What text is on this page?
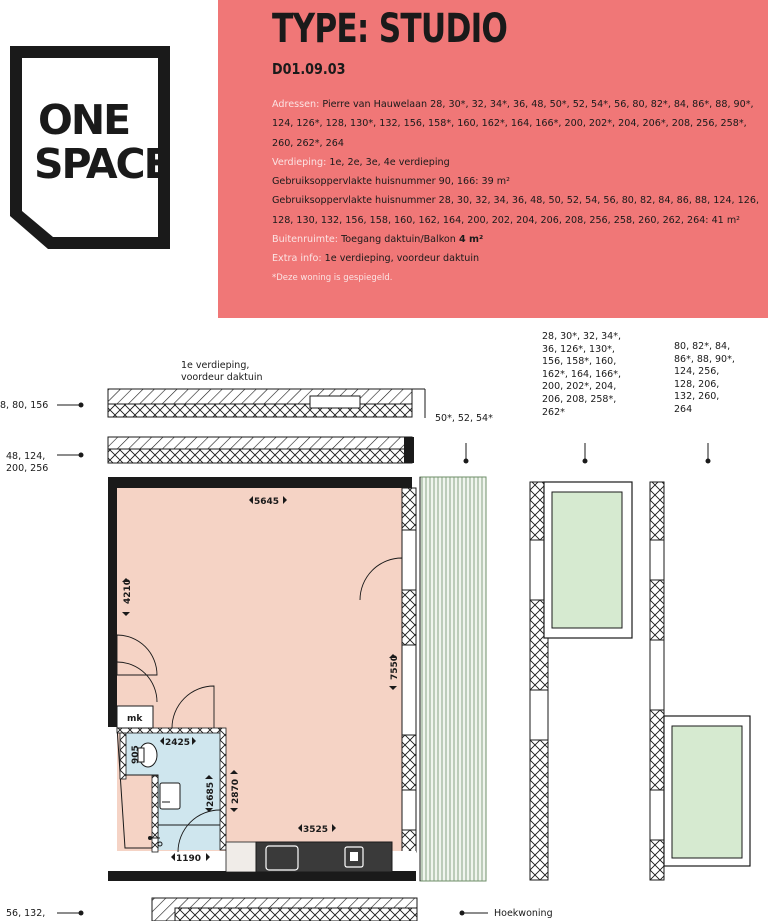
ONE
SPACE
TYPE: STUDIO
D01.09.03
Adressen: Pierre van Hauwelaan 28, 30*, 32, 34*, 36, 48, 50*, 52, 54*, 56, 80, 82*, 84, 86*, 88, 90*, 124, 126*, 128, 130*, 132, 156, 158*, 160, 162*, 164, 166*, 200, 202*, 204, 206*, 208, 256, 258*, 260, 262*, 264
Verdieping: 1e, 2e, 3e, 4e verdieping
Gebruiksoppervlakte huisnummer 90, 166: 39 m²
Gebruiksoppervlakte huisnummer 28, 30, 32, 34, 36, 48, 50, 52, 54, 56, 80, 82, 84, 86, 88, 124, 126, 128, 130, 132, 156, 158, 160, 162, 164, 200, 202, 204, 206, 208, 256, 258, 260, 262, 264: 41 m²
Buitenruimte: Toegang daktuin/Balkon 4 m²
Extra info: 1e verdieping, voordeur daktuin
*Deze woning is gespiegeld.
1e verdieping,
voordeur daktuin
8, 80, 156
48, 124,
200, 256
56, 132,
50*, 52, 54*
28, 30*, 32, 34*,
36, 126*, 130*,
156, 158*, 160,
162*, 164, 166*,
200, 202*, 204,
206, 208, 258*,
262*
80, 82*, 84,
86*, 88, 90*,
124, 256,
128, 206,
132, 260,
264
Hoekwoning
mk
5645
4210
7550
2425
905
2685 2870
3525
1190
